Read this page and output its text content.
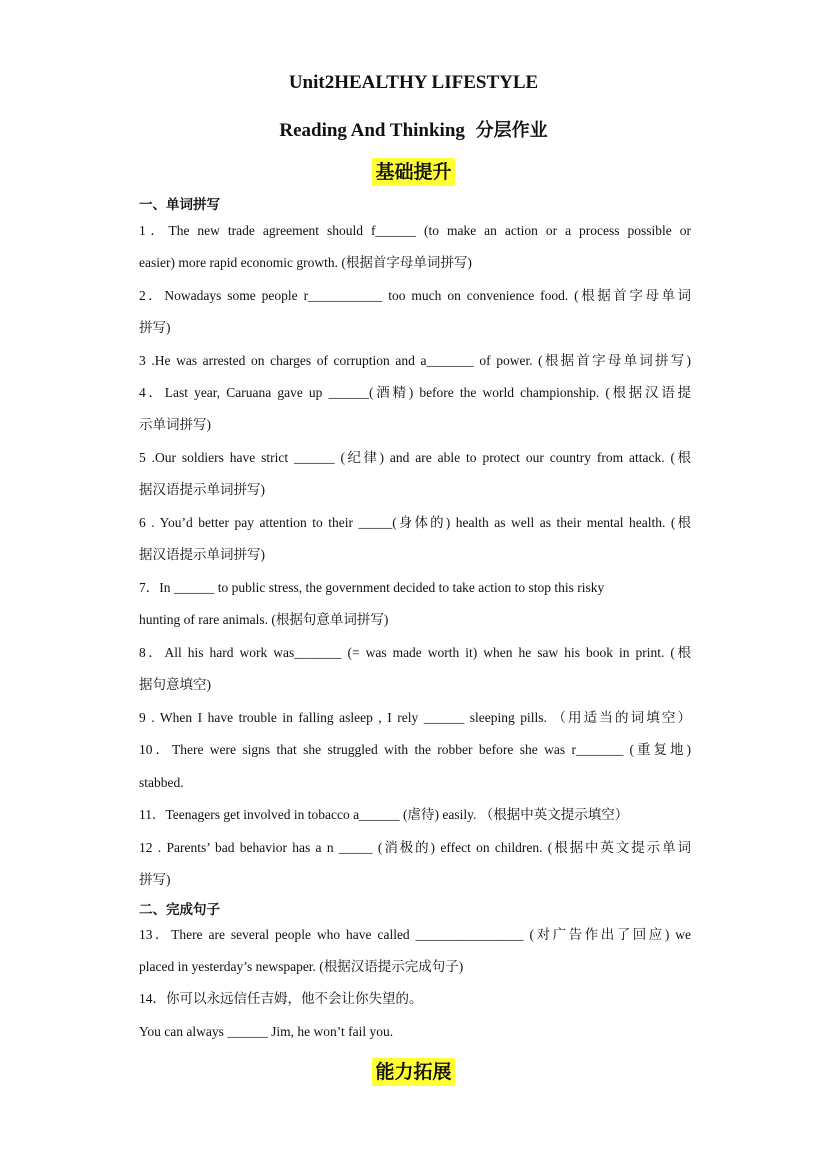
Unit2HEALTHY LIFESTYLE
Reading And Thinking 分层作业
基础提升
一、单词拼写
1．The new trade agreement should f______ (to make an action or a process possible or
easier) more rapid economic growth. (根据首字母单词拼写)
2．Nowadays some people r___________ too much on convenience food. (根据首字母单词
拼写)
3 .He was arrested on charges of corruption and a_______ of power. (根据首字母单词拼写)
4．Last year, Caruana gave up ______(酒精) before the world championship. (根据汉语提
示单词拼写)
5 .Our soldiers have strict ______ (纪律) and are able to protect our country from attack. (根
据汉语提示单词拼写)
6 . You’d better pay attention to their _____(身体的) health as well as their mental health. (根
据汉语提示单词拼写)
7．In ______ to public stress, the government decided to take action to stop this risky
hunting of rare animals. (根据句意单词拼写)
8．All his hard work was_______ (= was made worth it) when he saw his book in print. (根
据句意填空)
9 . When I have trouble in falling asleep , I rely ______ sleeping pills. （用适当的词填空）
10．There were signs that she struggled with the robber before she was r_______ (重复地)
stabbed.
11．Teenagers get involved in tobacco a______ (虐待) easily. （根据中英文提示填空）
12 . Parents’ bad behavior has a n _____ (消极的) effect on children. (根据中英文提示单词
拼写)
二、完成句子
13．There are several people who have called ________________ (对广告作出了回应) we
placed in yesterday’s newspaper. (根据汉语提示完成句子)
14．你可以永远信任吉姆，他不会让你失望的。
You can always ______ Jim, he won’t fail you.
能力拓展
